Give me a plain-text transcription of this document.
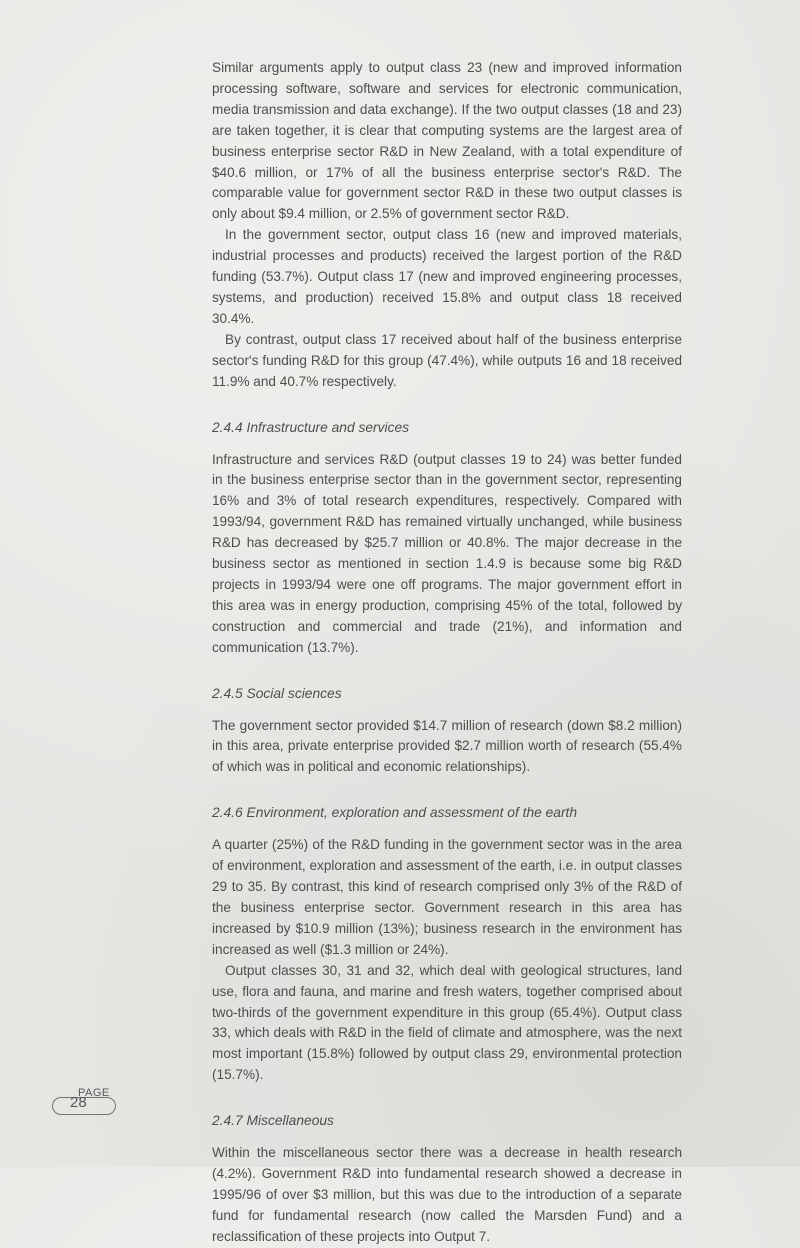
Similar arguments apply to output class 23 (new and improved information processing software, software and services for electronic communication, media transmission and data exchange). If the two output classes (18 and 23) are taken together, it is clear that computing systems are the largest area of business enterprise sector R&D in New Zealand, with a total expenditure of $40.6 million, or 17% of all the business enterprise sector's R&D. The comparable value for government sector R&D in these two output classes is only about $9.4 million, or 2.5% of government sector R&D.

In the government sector, output class 16 (new and improved materials, industrial processes and products) received the largest portion of the R&D funding (53.7%). Output class 17 (new and improved engineering processes, systems, and production) received 15.8% and output class 18 received 30.4%.

By contrast, output class 17 received about half of the business enterprise sector's funding R&D for this group (47.4%), while outputs 16 and 18 received 11.9% and 40.7% respectively.

2.4.4 Infrastructure and services

Infrastructure and services R&D (output classes 19 to 24) was better funded in the business enterprise sector than in the government sector, representing 16% and 3% of total research expenditures, respectively. Compared with 1993/94, government R&D has remained virtually unchanged, while business R&D has decreased by $25.7 million or 40.8%. The major decrease in the business sector as mentioned in section 1.4.9 is because some big R&D projects in 1993/94 were one off programs. The major government effort in this area was in energy production, comprising 45% of the total, followed by construction and commercial and trade (21%), and information and communication (13.7%).

2.4.5 Social sciences

The government sector provided $14.7 million of research (down $8.2 million) in this area, private enterprise provided $2.7 million worth of research (55.4% of which was in political and economic relationships).

2.4.6 Environment, exploration and assessment of the earth

A quarter (25%) of the R&D funding in the government sector was in the area of environment, exploration and assessment of the earth, i.e. in output classes 29 to 35. By contrast, this kind of research comprised only 3% of the R&D of the business enterprise sector. Government research in this area has increased by $10.9 million (13%); business research in the environment has increased as well ($1.3 million or 24%).

Output classes 30, 31 and 32, which deal with geological structures, land use, flora and fauna, and marine and fresh waters, together comprised about two-thirds of the government expenditure in this group (65.4%). Output class 33, which deals with R&D in the field of climate and atmosphere, was the next most important (15.8%) followed by output class 29, environmental protection (15.7%).

2.4.7 Miscellaneous

Within the miscellaneous sector there was a decrease in health research (4.2%). Government R&D into fundamental research showed a decrease in 1995/96 of over $3 million, but this was due to the introduction of a separate fund for fundamental research (now called the Marsden Fund) and a reclassification of these projects into Output 7.

PAGE
28
